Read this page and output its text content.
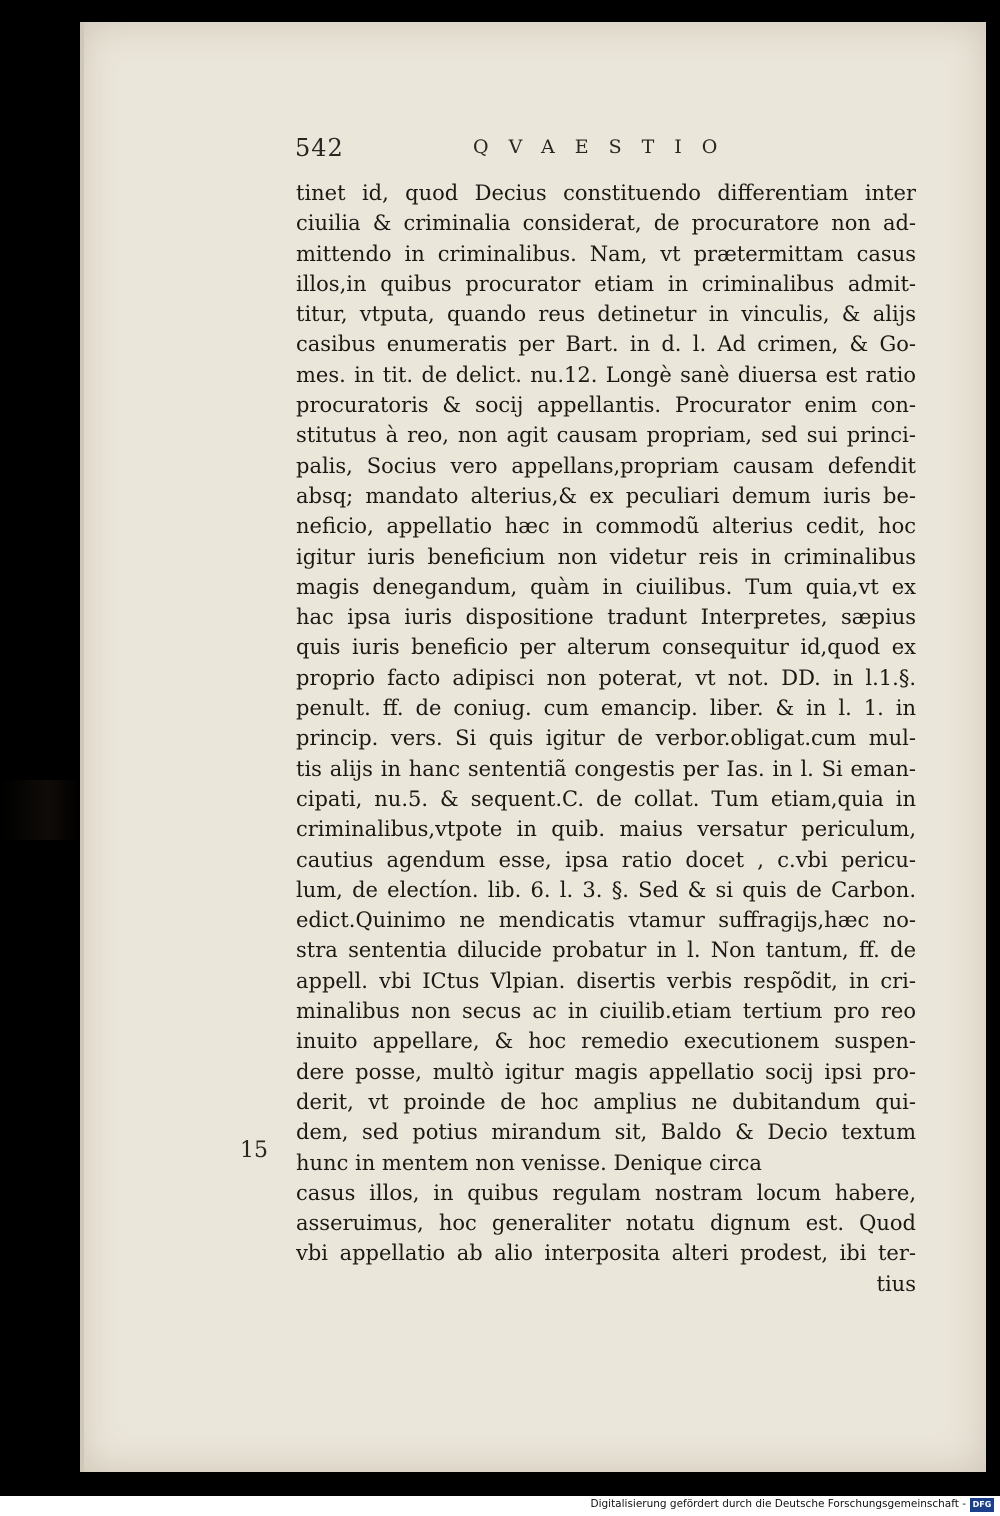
542	QVAESTIO
tinet id, quod Decius constituendo differentiam inter
ciuilia & criminalia considerat, de procuratore non ad-
mittendo in criminalibus. Nam, vt prætermittam casus
illos,in quibus procurator etiam in criminalibus admit-
titur, vtputa, quando reus detinetur in vinculis, & alijs
casibus enumeratis per Bart. in d. l. Ad crimen, & Go-
mes. in tit. de delict. nu.12. Longè sanè diuersa est ratio
procuratoris & socij appellantis. Procurator enim con-
stitutus à reo, non agit causam propriam, sed sui princi-
palis, Socius vero appellans,propriam causam defendit
absq; mandato alterius,& ex peculiari demum iuris be-
neficio, appellatio hæc in commodũ alterius cedit, hoc
igitur iuris beneficium non videtur reis in criminalibus
magis denegandum, quàm in ciuilibus. Tum quia,vt ex
hac ipsa iuris dispositione tradunt Interpretes, sæpius
quis iuris beneficio per alterum consequitur id,quod ex
proprio facto adipisci non poterat, vt not. DD. in l.1.§.
penult. ff. de coniug. cum emancip. liber. & in l. 1. in
princip. vers. Si quis igitur de verbor.obligat.cum mul-
tis alijs in hanc sententiã congestis per Ias. in l. Si eman-
cipati, nu.5. & sequent.C. de collat. Tum etiam,quia in
criminalibus,vtpote in quib. maius versatur periculum,
cautius agendum esse, ipsa ratio docet , c.vbi pericu-
lum, de electíon. lib. 6. l. 3. §. Sed & si quis de Carbon.
edict.Quinimo ne mendicatis vtamur suffragijs,hæc no-
stra sententia dilucide probatur in l. Non tantum, ff. de
appell. vbi ICtus Vlpian. disertis verbis respõdit, in cri-
minalibus non secus ac in ciuilib.etiam tertium pro reo
inuito appellare, & hoc remedio executionem suspen-
dere posse, multò igitur magis appellatio socij ipsi pro-
derit, vt proinde de hoc amplius ne dubitandum qui-
dem, sed potius mirandum sit, Baldo & Decio textum
hunc in mentem non venisse. Denique circa
casus illos, in quibus regulam nostram locum habere,
asseruimus, hoc generaliter notatu dignum est. Quod
vbi appellatio ab alio interposita alteri prodest, ibi ter-
tius
15
Digitalisierung gefördert durch die Deutsche Forschungsgemeinschaft - DFG
